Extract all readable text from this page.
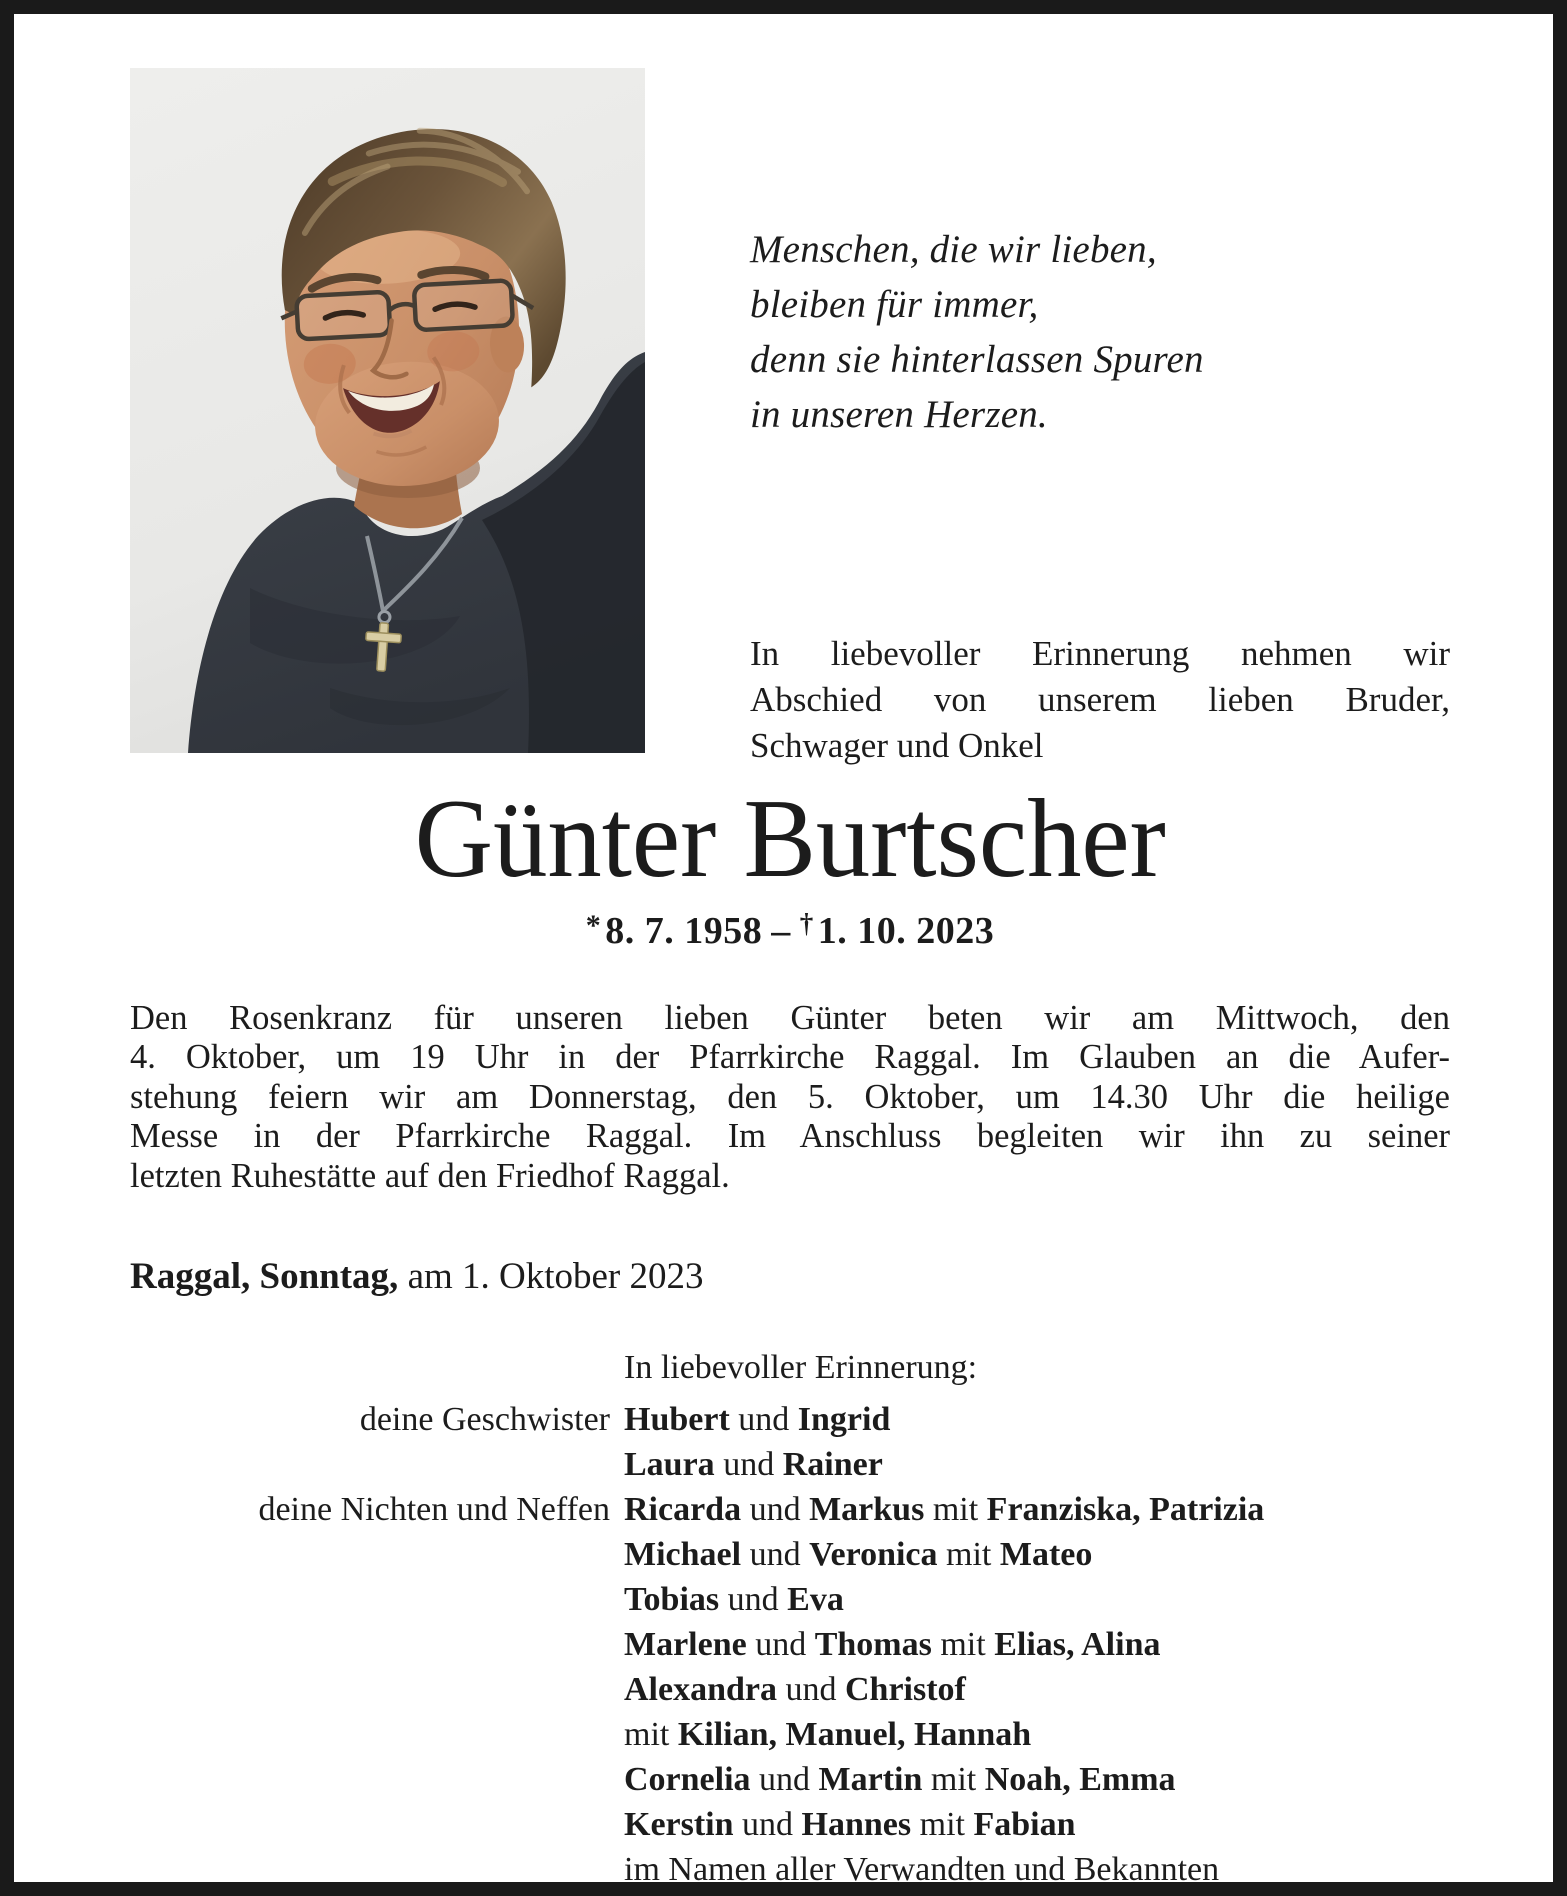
Menschen, die wir lieben,
bleiben für immer,
denn sie hinterlassen Spuren
in unseren Herzen.
In liebevoller Erinnerung nehmen wir
Abschied von unserem lieben Bruder,
Schwager und Onkel
Günter Burtscher
* 8. 7. 1958 – † 1. 10. 2023
Den Rosenkranz für unseren lieben Günter beten wir am Mittwoch, den
4. Oktober, um 19 Uhr in der Pfarrkirche Raggal. Im Glauben an die Aufer-
stehung feiern wir am Donnerstag, den 5. Oktober, um 14.30 Uhr die heilige
Messe in der Pfarrkirche Raggal. Im Anschluss begleiten wir ihn zu seiner
letzten Ruhestätte auf den Friedhof Raggal.
Raggal, Sonntag, am 1. Oktober 2023
In liebevoller Erinnerung:
deine Geschwister Hubert und Ingrid
Laura und Rainer
deine Nichten und Neffen Ricarda und Markus mit Franziska, Patrizia
Michael und Veronica mit Mateo
Tobias und Eva
Marlene und Thomas mit Elias, Alina
Alexandra und Christof
mit Kilian, Manuel, Hannah
Cornelia und Martin mit Noah, Emma
Kerstin und Hannes mit Fabian
im Namen aller Verwandten und Bekannten
